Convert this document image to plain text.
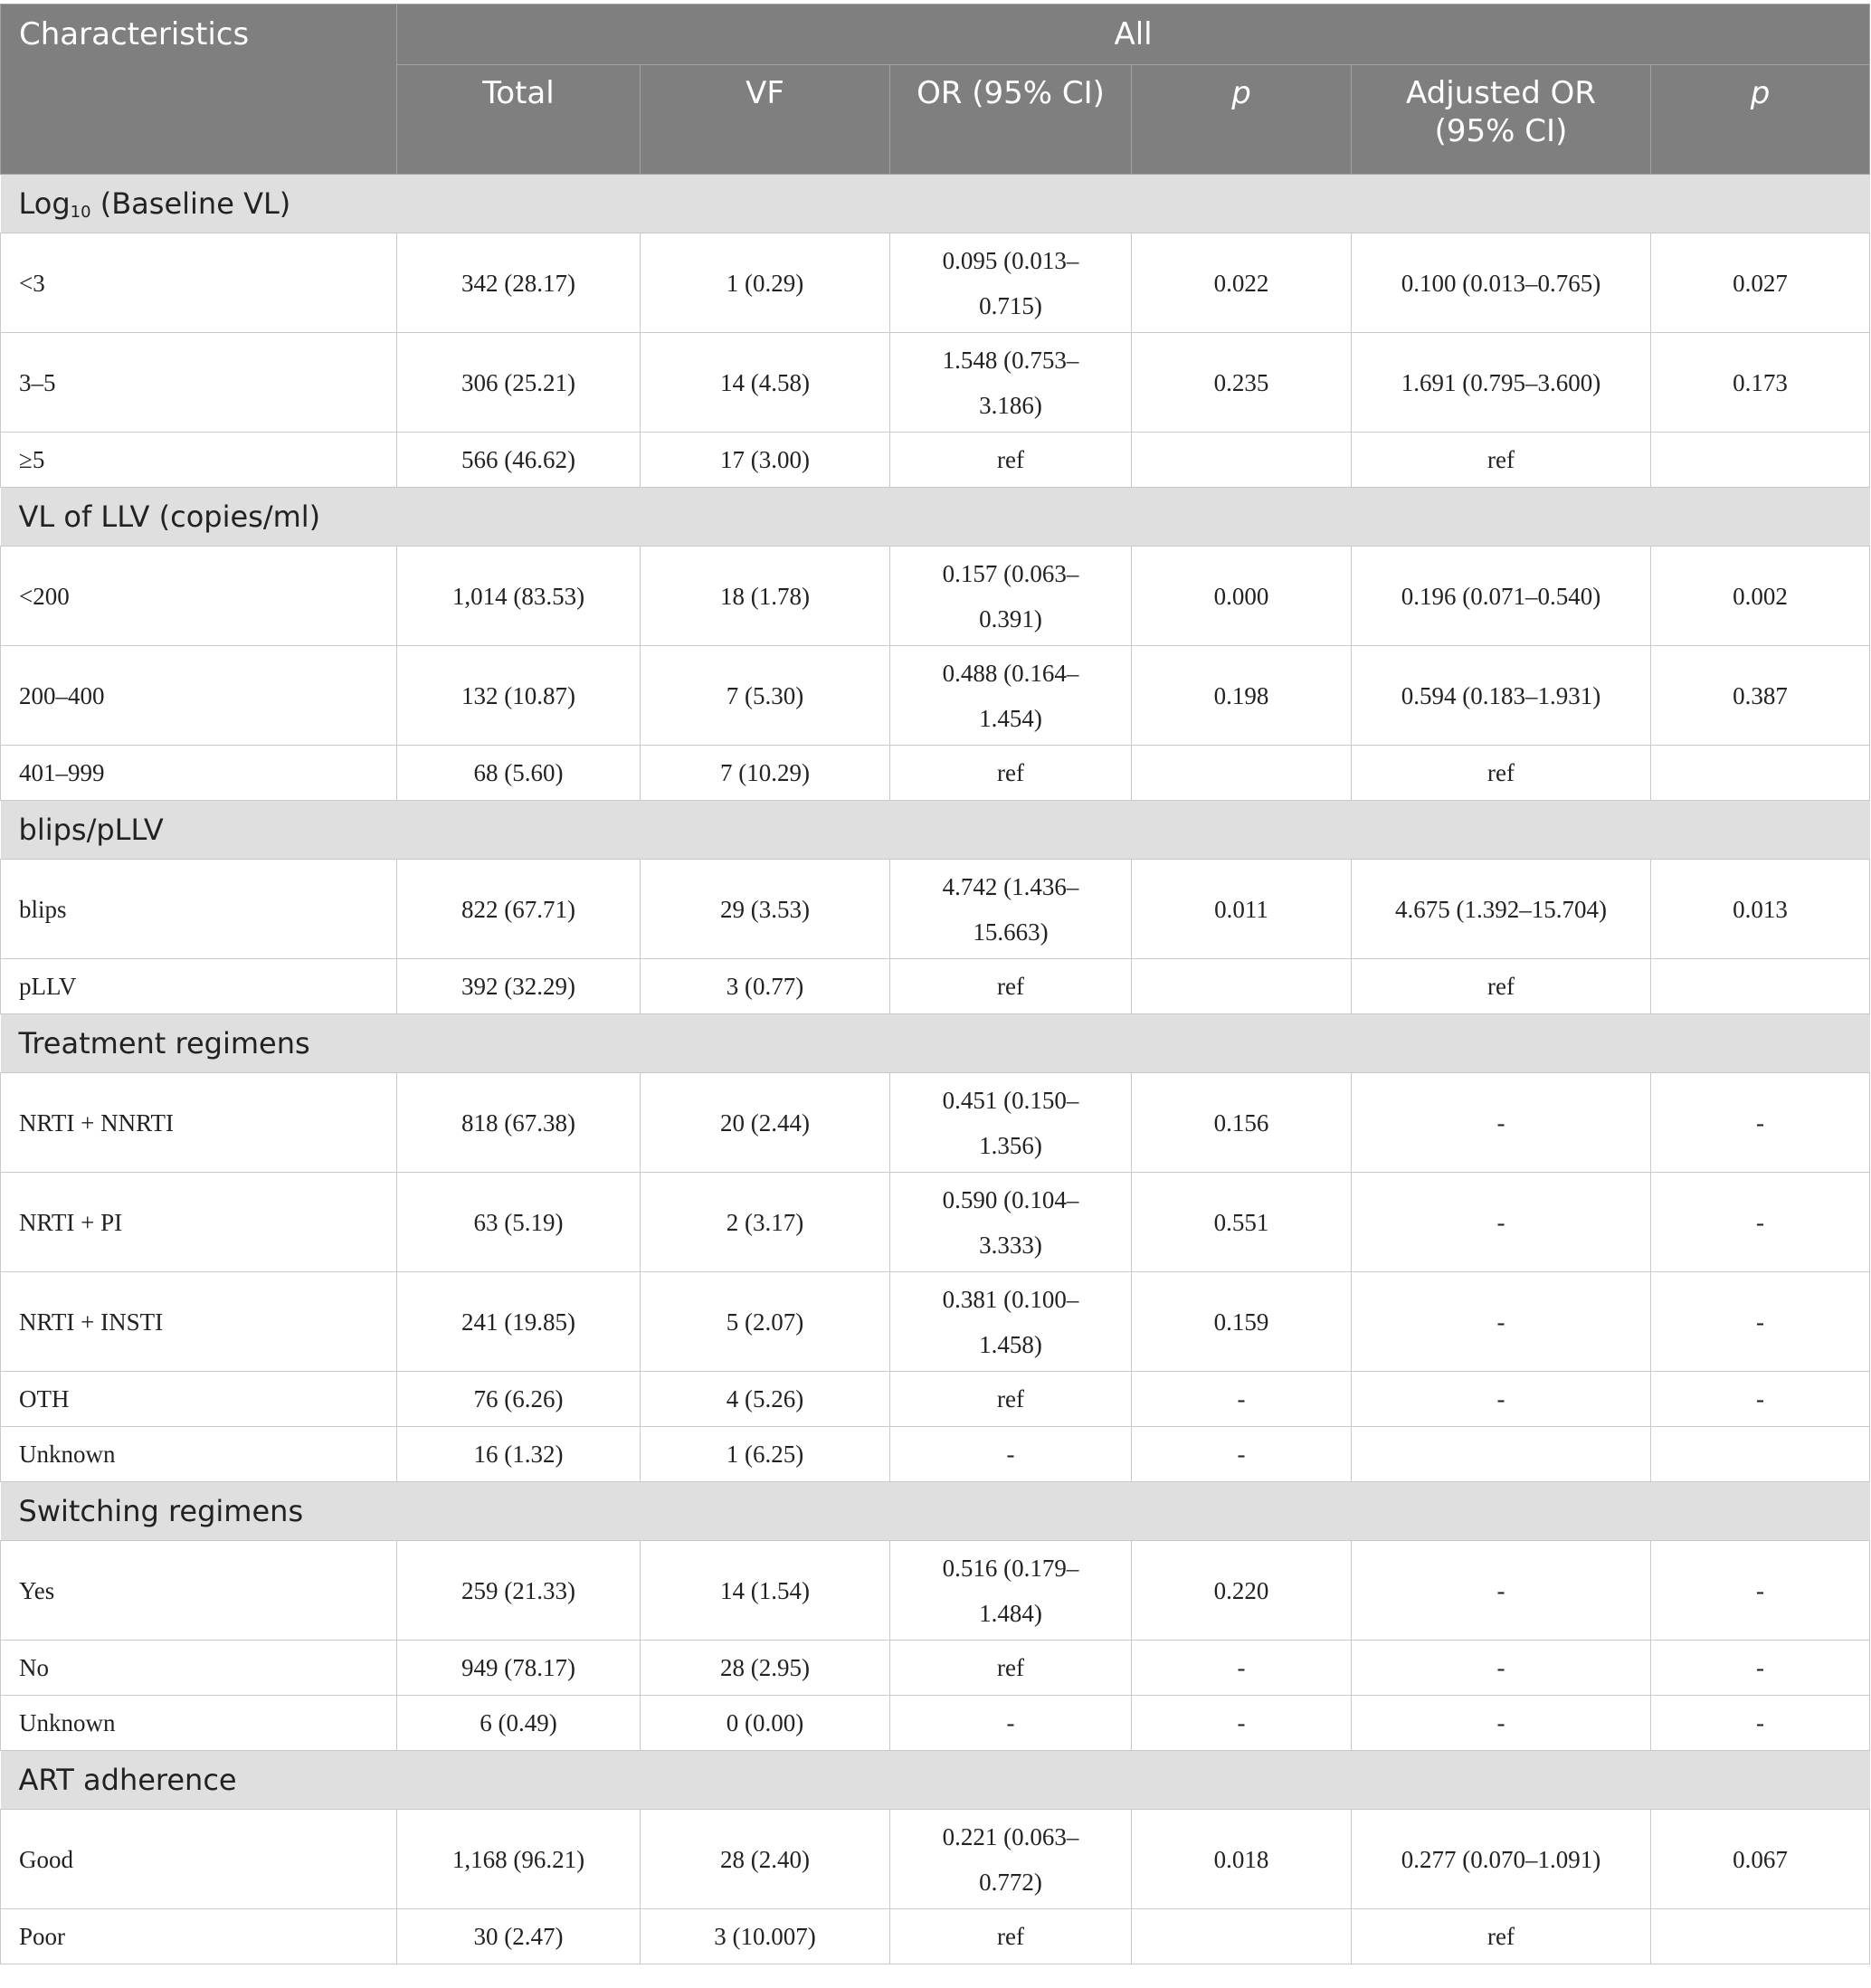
Characteristics	All					
	Total	VF	OR (95% CI)	p	Adjusted OR (95% CI)	p
Log$_{10}$ (Baseline VL)						
<3	342 (28.17)	1 (0.29)	0.095 (0.013–
0.715)	0.022	0.100 (0.013–0.765)	0.027
3–5	306 (25.21)	14 (4.58)	1.548 (0.753–
3.186)	0.235	1.691 (0.795–3.600)	0.173
≥5	566 (46.62)	17 (3.00)	ref		ref	
VL of LLV (copies/ml)						
<200	1,014 (83.53)	18 (1.78)	0.157 (0.063–
0.391)	0.000	0.196 (0.071–0.540)	0.002
200–400	132 (10.87)	7 (5.30)	0.488 (0.164–
1.454)	0.198	0.594 (0.183–1.931)	0.387
401–999	68 (5.60)	7 (10.29)	ref		ref	
blips/pLLV						
blips	822 (67.71)	29 (3.53)	4.742 (1.436–
15.663)	0.011	4.675 (1.392–15.704)	0.013
pLLV	392 (32.29)	3 (0.77)	ref		ref	
Treatment regimens						
NRTI + NNRTI	818 (67.38)	20 (2.44)	0.451 (0.150–
1.356)	0.156	-	-
NRTI + PI	63 (5.19)	2 (3.17)	0.590 (0.104–
3.333)	0.551	-	-
NRTI + INSTI	241 (19.85)	5 (2.07)	0.381 (0.100–
1.458)	0.159	-	-
OTH	76 (6.26)	4 (5.26)	ref	-	-	-
Unknown	16 (1.32)	1 (6.25)	-	-		
Switching regimens						
Yes	259 (21.33)	14 (1.54)	0.516 (0.179–
1.484)	0.220	-	-
No	949 (78.17)	28 (2.95)	ref	-	-	-
Unknown	6 (0.49)	0 (0.00)	-	-	-	-
ART adherence						
Good	1,168 (96.21)	28 (2.40)	0.221 (0.063–
0.772)	0.018	0.277 (0.070–1.091)	0.067
Poor	30 (2.47)	3 (10.007)	ref		ref	
